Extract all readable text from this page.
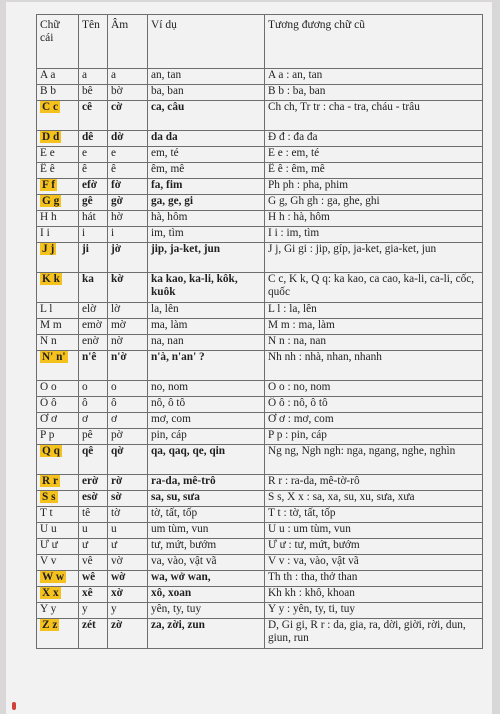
Chữ cái	Tên	Âm	Ví dụ	Tương đương chữ cũ
A a	a	a	an, tan	A a : an, tan
B b	bê	bờ	ba, ban	B b : ba, ban
C c	cê	cờ	ca, câu	Ch ch, Tr tr : cha - tra, cháu - trâu
D d	dê	dờ	da da	Đ đ : đa đa
E e	e	e	em, té	E e : em, té
Ê ê	ê	ê	êm, mê	Ê ê : êm, mê
F f	efờ	fờ	fa, fim	Ph ph : pha, phim
G g	gê	gờ	ga, ge, gi	G g, Gh gh : ga, ghe, ghi
H h	hát	hờ	hà, hôm	H h : hà, hôm
I i	i	i	im, tìm	I i : im, tìm
J j	ji	jờ	jip, ja-ket, jun	J j, Gi gi : jip, gíp, ja-ket, gia-ket, jun
K k	ka	kờ	ka kao, ka-li, kôk, kuôk	C c, K k, Q q: ka kao, ca cao, ka-li, ca-li, cốc, quốc
L l	elờ	lờ	la, lên	L l : la, lên
M m	emờ	mờ	ma, làm	M m : ma, làm
N n	enờ	nờ	na, nan	N n : na, nan
N' n'	n'ê	n'ờ	n'à, n'an' ?	Nh nh : nhà, nhan, nhanh
O o	o	o	no, nom	O o : no, nom
Ô ô	ô	ô	nô, ô tô	Ô ô : nô, ô tô
Ơ ơ	ơ	ơ	mơ, com	Ơ ơ : mơ, com
P p	pê	pờ	pin, cáp	P p : pin, cáp
Q q	qê	qờ	qa, qaq, qe, qin	Ng ng, Ngh ngh: nga, ngang, nghe, nghìn
R r	erờ	rờ	ra-da, mê-trô	R r : ra-da, mê-tờ-rô
S s	esờ	sờ	sa, su, sưa	S s, X x : sa, xa, su, xu, sưa, xưa
T t	tê	tờ	tờ, tất, tốp	T t : tờ, tất, tốp
U u	u	u	um tùm, vun	U u : um tùm, vun
Ư ư	ư	ư	tư, mứt, bướm	Ư ư : tư, mứt, bướm
V v	vê	vờ	va, vào, vật vã	V v : va, vào, vật vã
W w	wê	wờ	wa, wở wan,	Th th : tha, thở than
X x	xê	xờ	xô, xoan	Kh kh : khô, khoan
Y y	y	y	yên, ty, tuy	Y y : yên, ty, ti, tuy
Z z	zét	zờ	za, zời, zun	D, Gi gi, R r : da, gia, ra, dời, giời, rời, dun, giun, run
